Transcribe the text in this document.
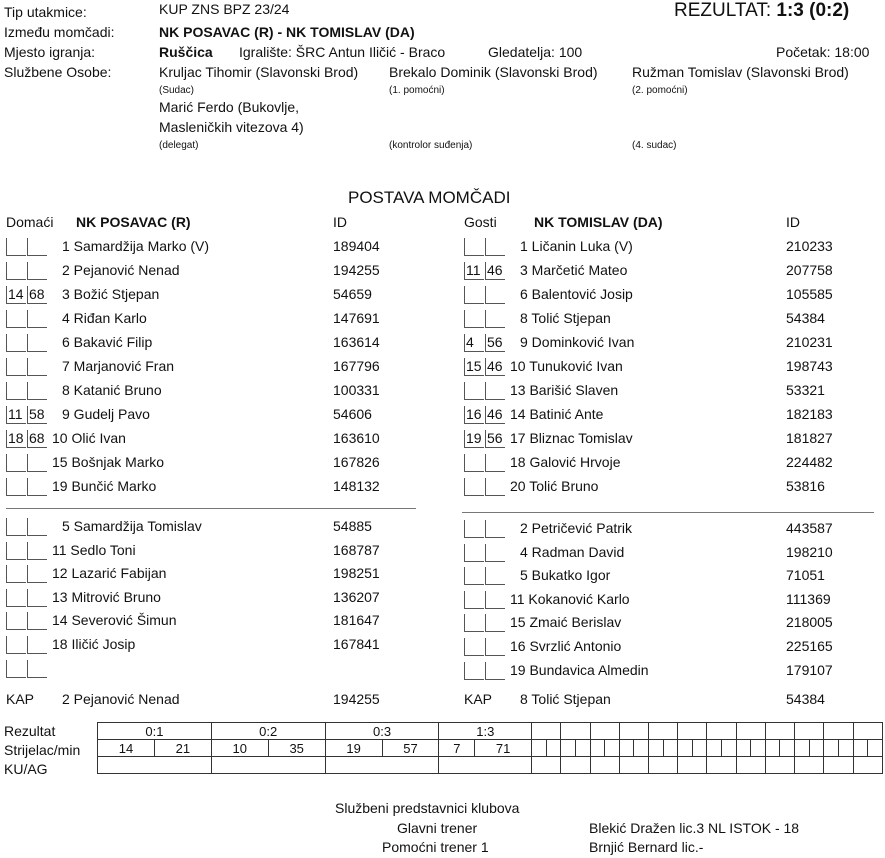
Tip utakmice:
Između momčadi:
Mjesto igranja:
Službene Osobe:
KUP ZNS BPZ 23/24
NK POSAVAC (R) - NK TOMISLAV (DA)
REZULTAT: 1:3 (0:2)
Ruščica Igralište: ŠRC Antun Iličić - Braco	Gledatelja: 100	Početak: 18:00
Kruljac Tihomir (Slavonski Brod) Brekalo Dominik (Slavonski Brod) Ružman Tomislav (Slavonski Brod)
(Sudac)	(1. pomoćni)	(2. pomoćni)
Marić Ferdo (Bukovlje,
Masleničkih vitezova 4)
(delegat)	(kontrolor suđenja)	(4. sudac)
POSTAVA MOMČADI
Domaći NK POSAVAC (R)	ID	Gosti	NK TOMISLAV (DA)	ID
1 Samardžija Marko (V)	189404
2 Pejanović Nenad	194255
14 68 3 Božić Stjepan	54659
4 Riđan Karlo	147691
6 Bakavić Filip	163614
7 Marjanović Fran	167796
8 Katanić Bruno	100331
11 58 9 Gudelj Pavo	54606
18 68 10 Olić Ivan	163610
15 Bošnjak Marko	167826
19 Bunčić Marko	148132
5 Samardžija Tomislav	54885
11 Sedlo Toni	168787
12 Lazarić Fabijan	198251
13 Mitrović Bruno	136207
14 Severović Šimun	181647
18 Iličić Josip	167841
1 Ličanin Luka (V)	210233
11 46 3 Marčetić Mateo	207758
6 Balentović Josip	105585
8 Tolić Stjepan	54384
4 56 9 Dominković Ivan	210231
15 46 10 Tunuković Ivan	198743
13 Barišić Slaven	53321
16 46 14 Batinić Ante	182183
19 56 17 Bliznac Tomislav	181827
18 Galović Hrvoje	224482
20 Tolić Bruno	53816
2 Petričević Patrik	443587
4 Radman David	198210
5 Bukatko Igor	71051
11 Kokanović Karlo	111369
15 Zmaić Berislav	218005
16 Svrzlić Antonio	225165
19 Bundavica Almedin	179107
KAP 2 Pejanović Nenad	194255	KAP 8 Tolić Stjepan	54384
Rezultat
Strijelac/min
KU/AG
0:1		0:2		0:3		1:3																									
14	21	10	35	19	57	7	71																								

Službeni predstavnici klubova
Glavni trener
Pomoćni trener 1
Blekić Dražen lic.3 NL ISTOK - 18
Brnjić Bernard lic.-
